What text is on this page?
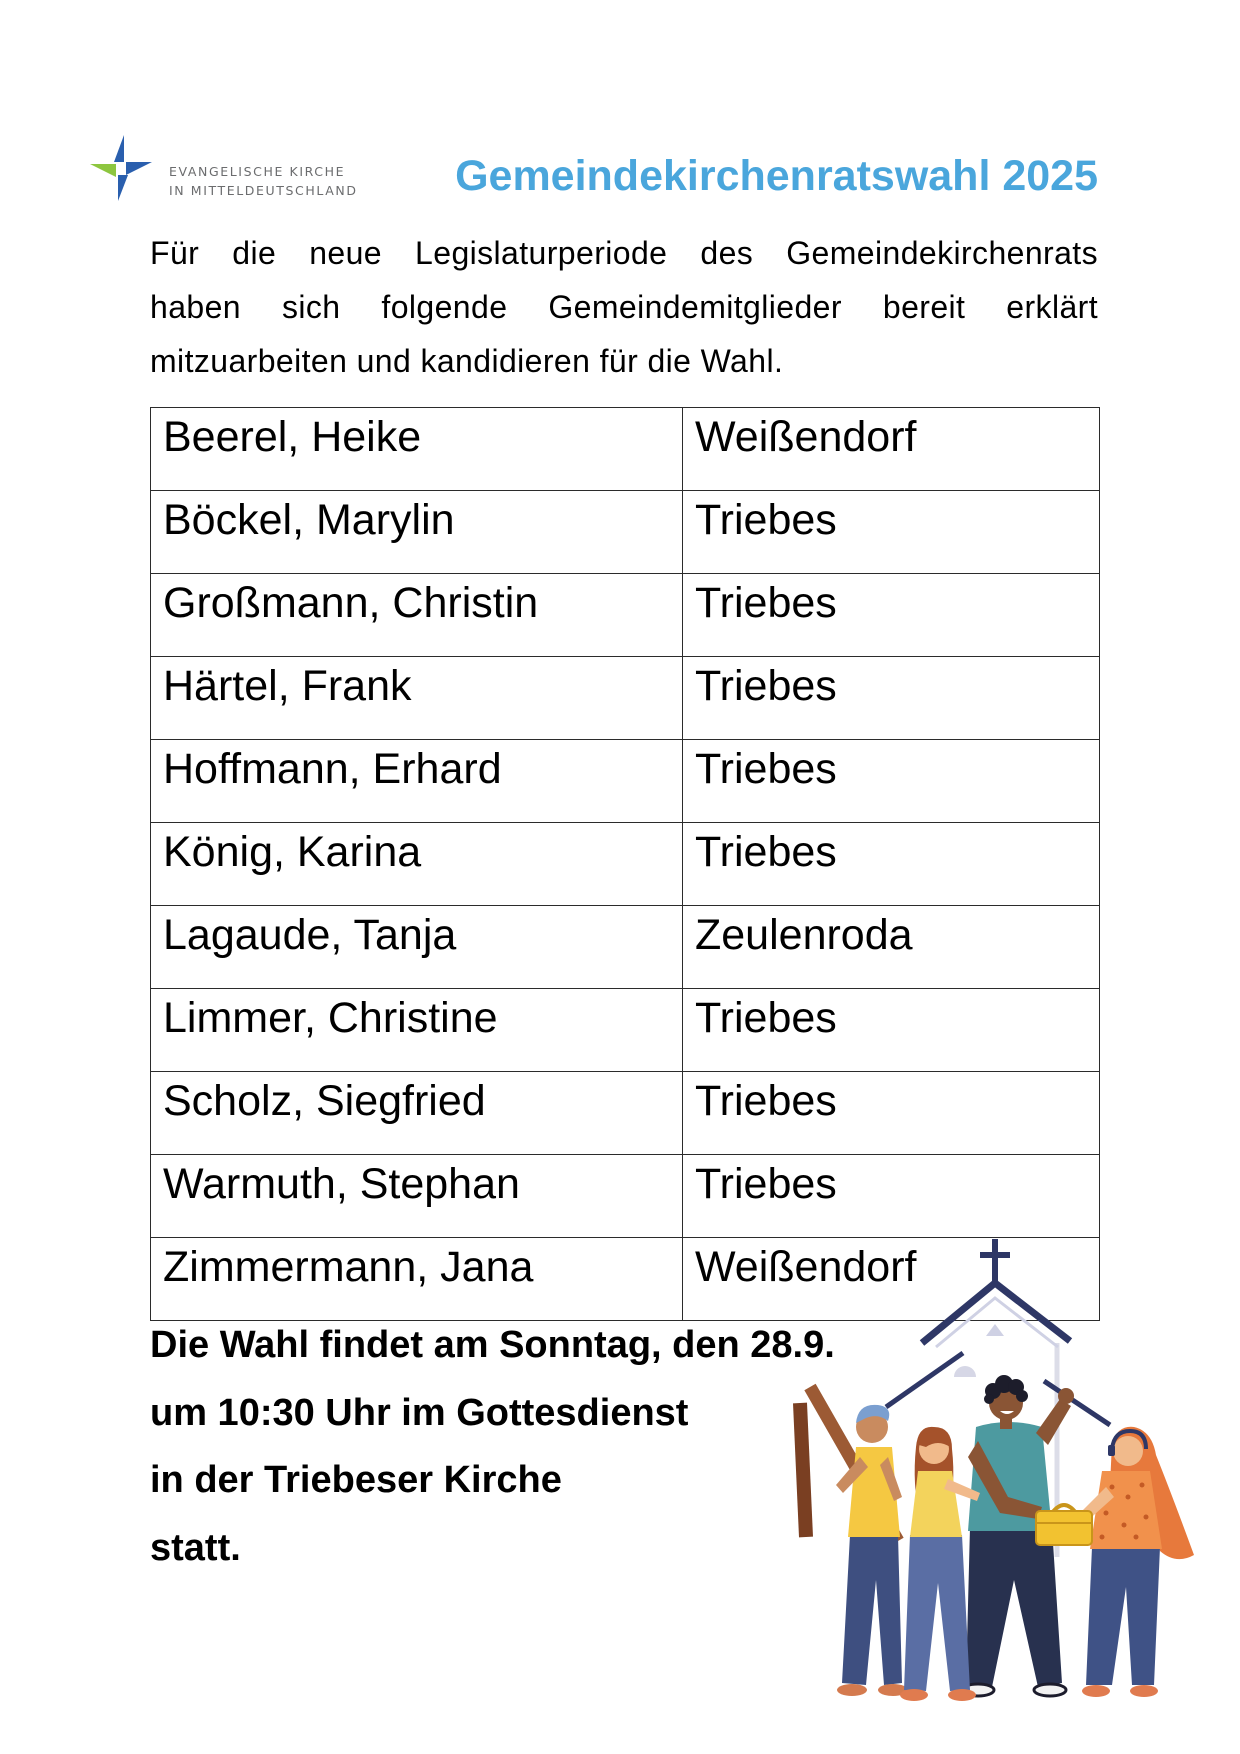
EVANGELISCHE KIRCHE
IN MITTELDEUTSCHLAND	Gemeindekirchenratswahl 2025
Für die neue Legislaturperiode des Gemeindekirchenrats
haben sich folgende Gemeindemitglieder bereit erklärt
mitzuarbeiten und kandidieren für die Wahl.
Beerel, Heike	Weißendorf
Böckel, Marylin	Triebes
Großmann, Christin	Triebes
Härtel, Frank	Triebes
Hoffmann, Erhard	Triebes
König, Karina	Triebes
Lagaude, Tanja	Zeulenroda
Limmer, Christine	Triebes
Scholz, Siegfried	Triebes
Warmuth, Stephan	Triebes
Zimmermann, Jana	Weißendorf
Die Wahl findet am Sonntag, den 28.9.
um 10:30 Uhr im Gottesdienst
in der Triebeser Kirche
statt.
